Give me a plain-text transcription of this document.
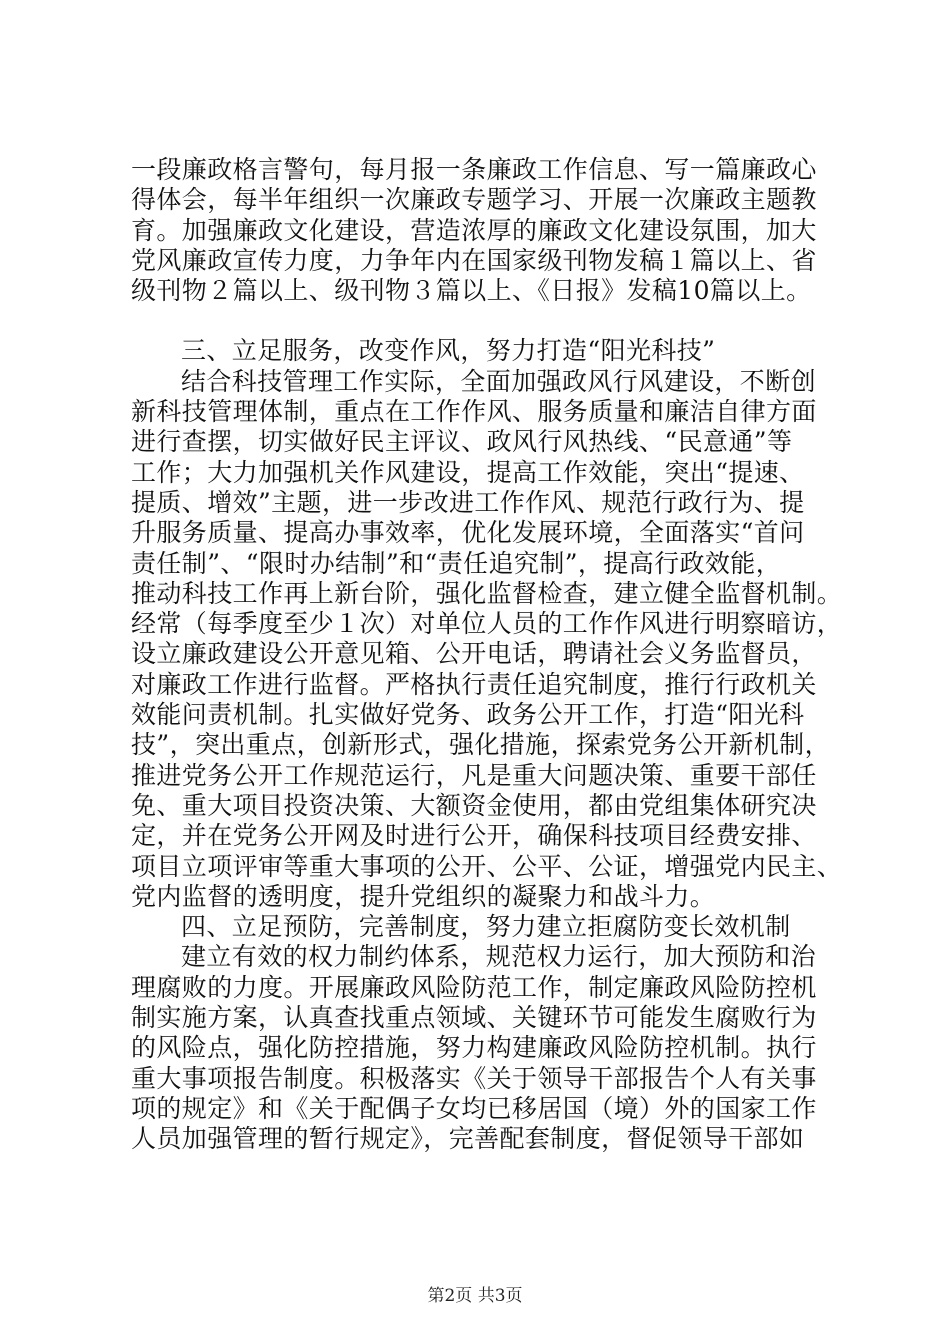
一段廉政格言警句，每月报一条廉政工作信息、写一篇廉政心
得体会，每半年组织一次廉政专题学习、开展一次廉政主题教
育。加强廉政文化建设，营造浓厚的廉政文化建设氛围，加大
党风廉政宣传力度，力争年内在国家级刊物发稿１篇以上、省
级刊物２篇以上、级刊物３篇以上、《日报》发稿10篇以上。
三、立足服务，改变作风，努力打造“阳光科技”
结合科技管理工作实际，全面加强政风行风建设，不断创
新科技管理体制，重点在工作作风、服务质量和廉洁自律方面
进行查摆，切实做好民主评议、政风行风热线、“民意通”等
工作；大力加强机关作风建设，提高工作效能，突出“提速、
提质、增效”主题，进一步改进工作作风、规范行政行为、提
升服务质量、提高办事效率，优化发展环境，全面落实“首问
责任制”、“限时办结制”和“责任追究制”，提高行政效能，
推动科技工作再上新台阶，强化监督检查，建立健全监督机制。
经常（每季度至少１次）对单位人员的工作作风进行明察暗访，
设立廉政建设公开意见箱、公开电话，聘请社会义务监督员，
对廉政工作进行监督。严格执行责任追究制度，推行行政机关
效能问责机制。扎实做好党务、政务公开工作，打造“阳光科
技”，突出重点，创新形式，强化措施，探索党务公开新机制，
推进党务公开工作规范运行，凡是重大问题决策、重要干部任
免、重大项目投资决策、大额资金使用，都由党组集体研究决
定，并在党务公开网及时进行公开，确保科技项目经费安排、
项目立项评审等重大事项的公开、公平、公证，增强党内民主、
党内监督的透明度，提升党组织的凝聚力和战斗力。
四、立足预防，完善制度，努力建立拒腐防变长效机制
建立有效的权力制约体系，规范权力运行，加大预防和治
理腐败的力度。开展廉政风险防范工作，制定廉政风险防控机
制实施方案，认真查找重点领域、关键环节可能发生腐败行为
的风险点，强化防控措施，努力构建廉政风险防控机制。执行
重大事项报告制度。积极落实《关于领导干部报告个人有关事
项的规定》和《关于配偶子女均已移居国（境）外的国家工作
人员加强管理的暂行规定》，完善配套制度，督促领导干部如
第2页 共3页
